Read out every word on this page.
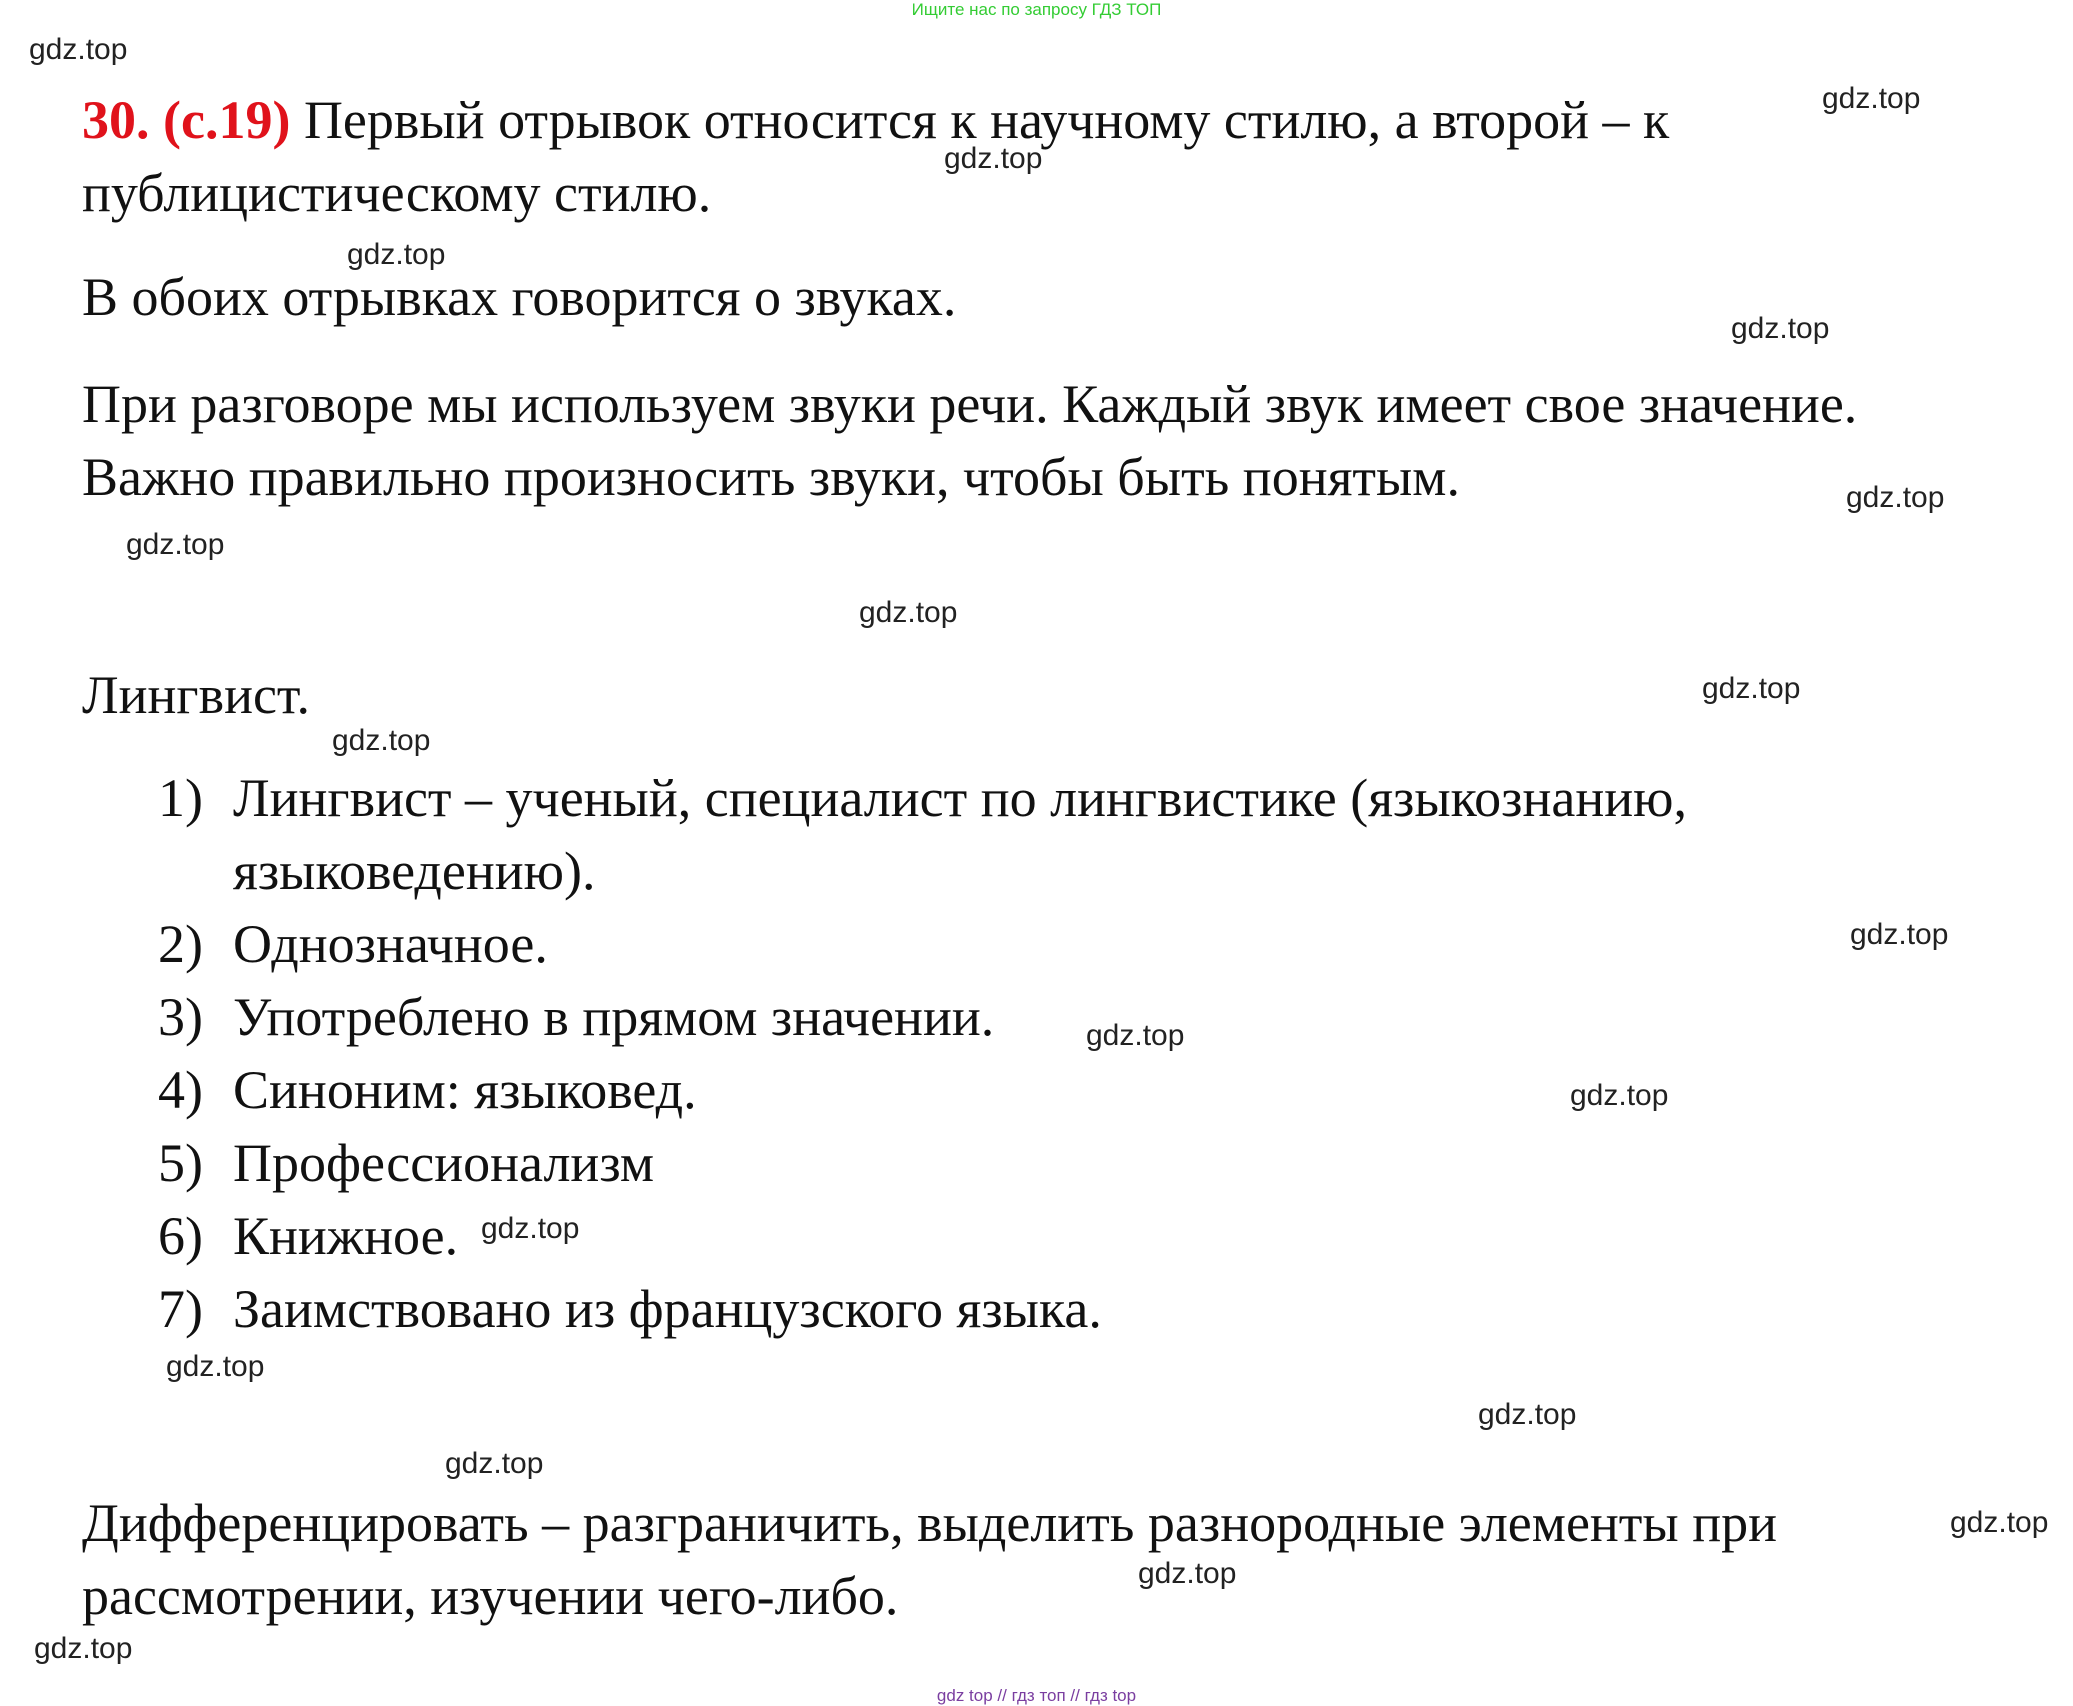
Ищите нас по запросу ГДЗ ТОП
30. (с.19) Первый отрывок относится к научному стилю, а второй – к
публицистическому стилю.
В обоих отрывках говорится о звуках.
При разговоре мы используем звуки речи. Каждый звук имеет свое значение.
Важно правильно произносить звуки, чтобы быть понятым.
Лингвист.
1) Лингвист – ученый, специалист по лингвистике (языкознанию,
языковедению).
2) Однозначное.
3) Употреблено в прямом значении.
4) Синоним: языковед.
5) Профессионализм
6) Книжное.
7) Заимствовано из французского языка.
Дифференцировать – разграничить, выделить разнородные элементы при
рассмотрении, изучении чего-либо.
gdz.top
gdz.top
gdz.top
gdz.top
gdz.top
gdz.top
gdz.top
gdz.top
gdz.top
gdz.top
gdz.top
gdz.top
gdz.top
gdz.top
gdz.top
gdz.top
gdz.top
gdz.top
gdz.top
gdz.top
gdz top // гдз топ // гдз top
